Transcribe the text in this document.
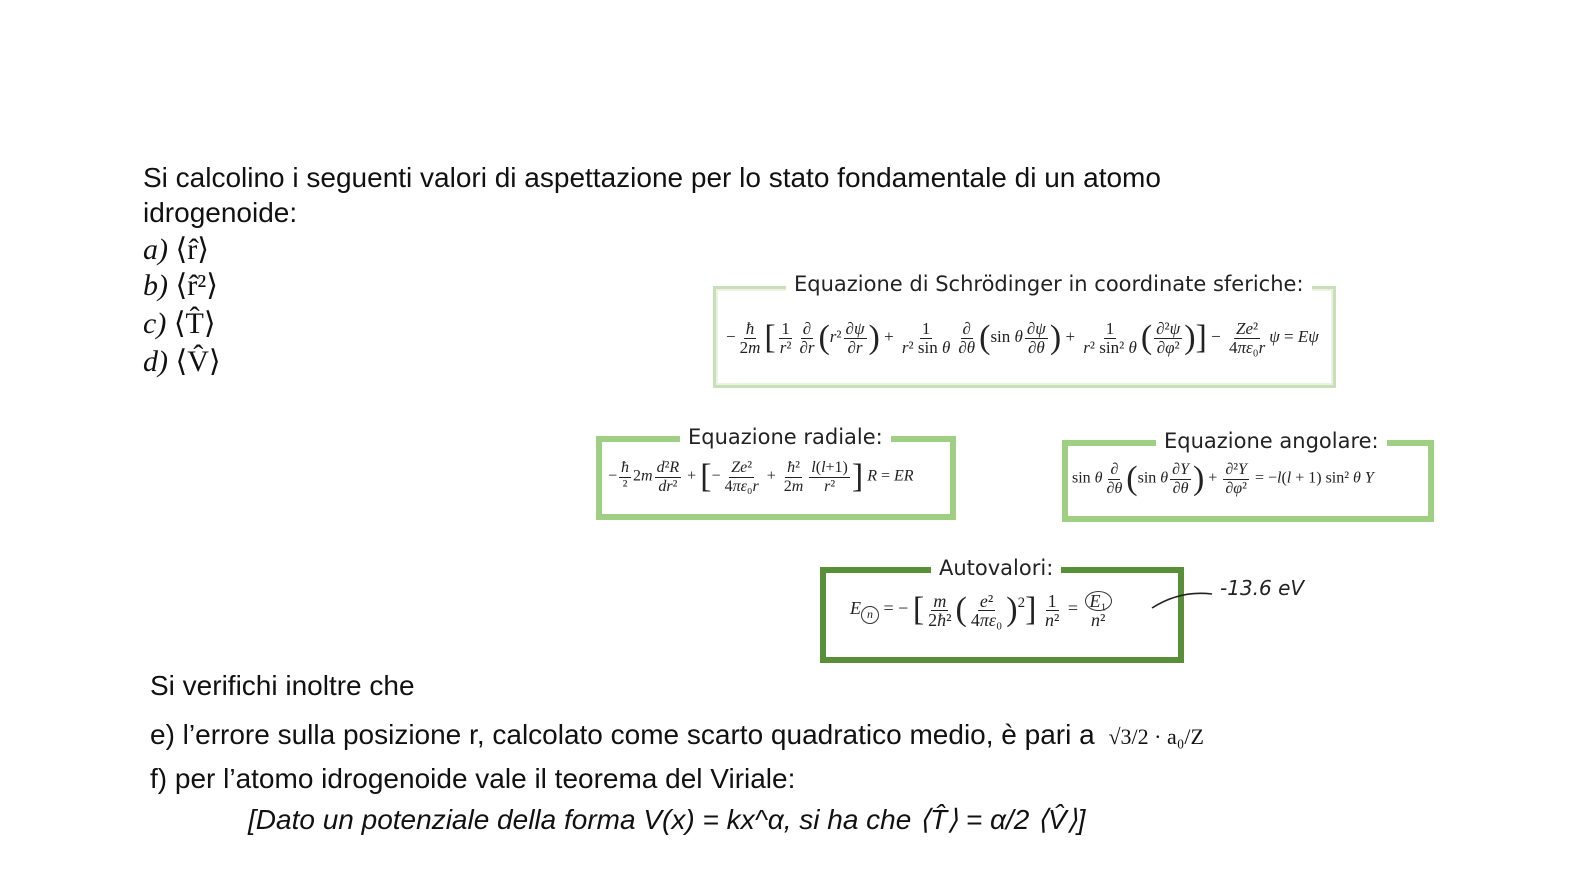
Si calcolino i seguenti valori di aspettazione per lo stato fondamentale di un atomo
idrogenoide:
a) ⟨r̂⟩
b) ⟨r̂²⟩
c) ⟨T̂⟩
d) ⟨V̂⟩
Equazione di Schrödinger in coordinate sferiche:
− $\frac{ħ}{2m}$ [ $\frac{1}{\text{r²}} \frac{\partial}{\partial r} (r^2 \frac{\partial\psi}{\partial r}$ ) + $\frac{1}{\text{r² sin θ}} \frac{\partial}{\partial\theta} (\sin$ θ $\frac{\partial\psi}{\partial\theta}$ ) + $\frac{1}{\text{r² sin² θ}}$ ( $\frac{\text{∂²ψ}}{\text{∂φ²}}$ )] − $\frac{\text{Ze²}}{\text{4πε₀r}}$ ψ = Eψ
Equazione radiale:
−
ħ
$^22m \frac{\text{d²R}}{\text{dr²}}$ + [− $\frac{\text{Ze²}}{\text{4πε₀r}} + \frac{\text{ħ²}}{2m} \frac{l(l+1)}{\text{r²}}$ ] R = ER
Equazione angolare:
sin θ $\frac{\partial}{\partial\theta} (\sin$ θ $\frac{\partial Y}{\partial\theta}$ ) + $\frac{\text{∂²Y}}{\text{∂φ²}} = -l(l + 1)$ sin² θ Y
Autovalori:
E n = − [ $\frac{m}{\text{2ħ²}}$ ( $\frac{\text{e²}}{\text{4πε₀}} )^2] \frac{1}{\text{n²}} = \frac{\text{E₁}}{\text{n²}}$
-13.6 eV
Si verifichi inoltre che
e) l’errore sulla posizione r, calcolato come scarto quadratico medio, è pari a √3/2 · a₀/Z
f) per l’atomo idrogenoide vale il teorema del Viriale:
[Dato un potenziale della forma V(x) = kx^α, si ha che ⟨T̂⟩ = α/2 ⟨V̂⟩]
